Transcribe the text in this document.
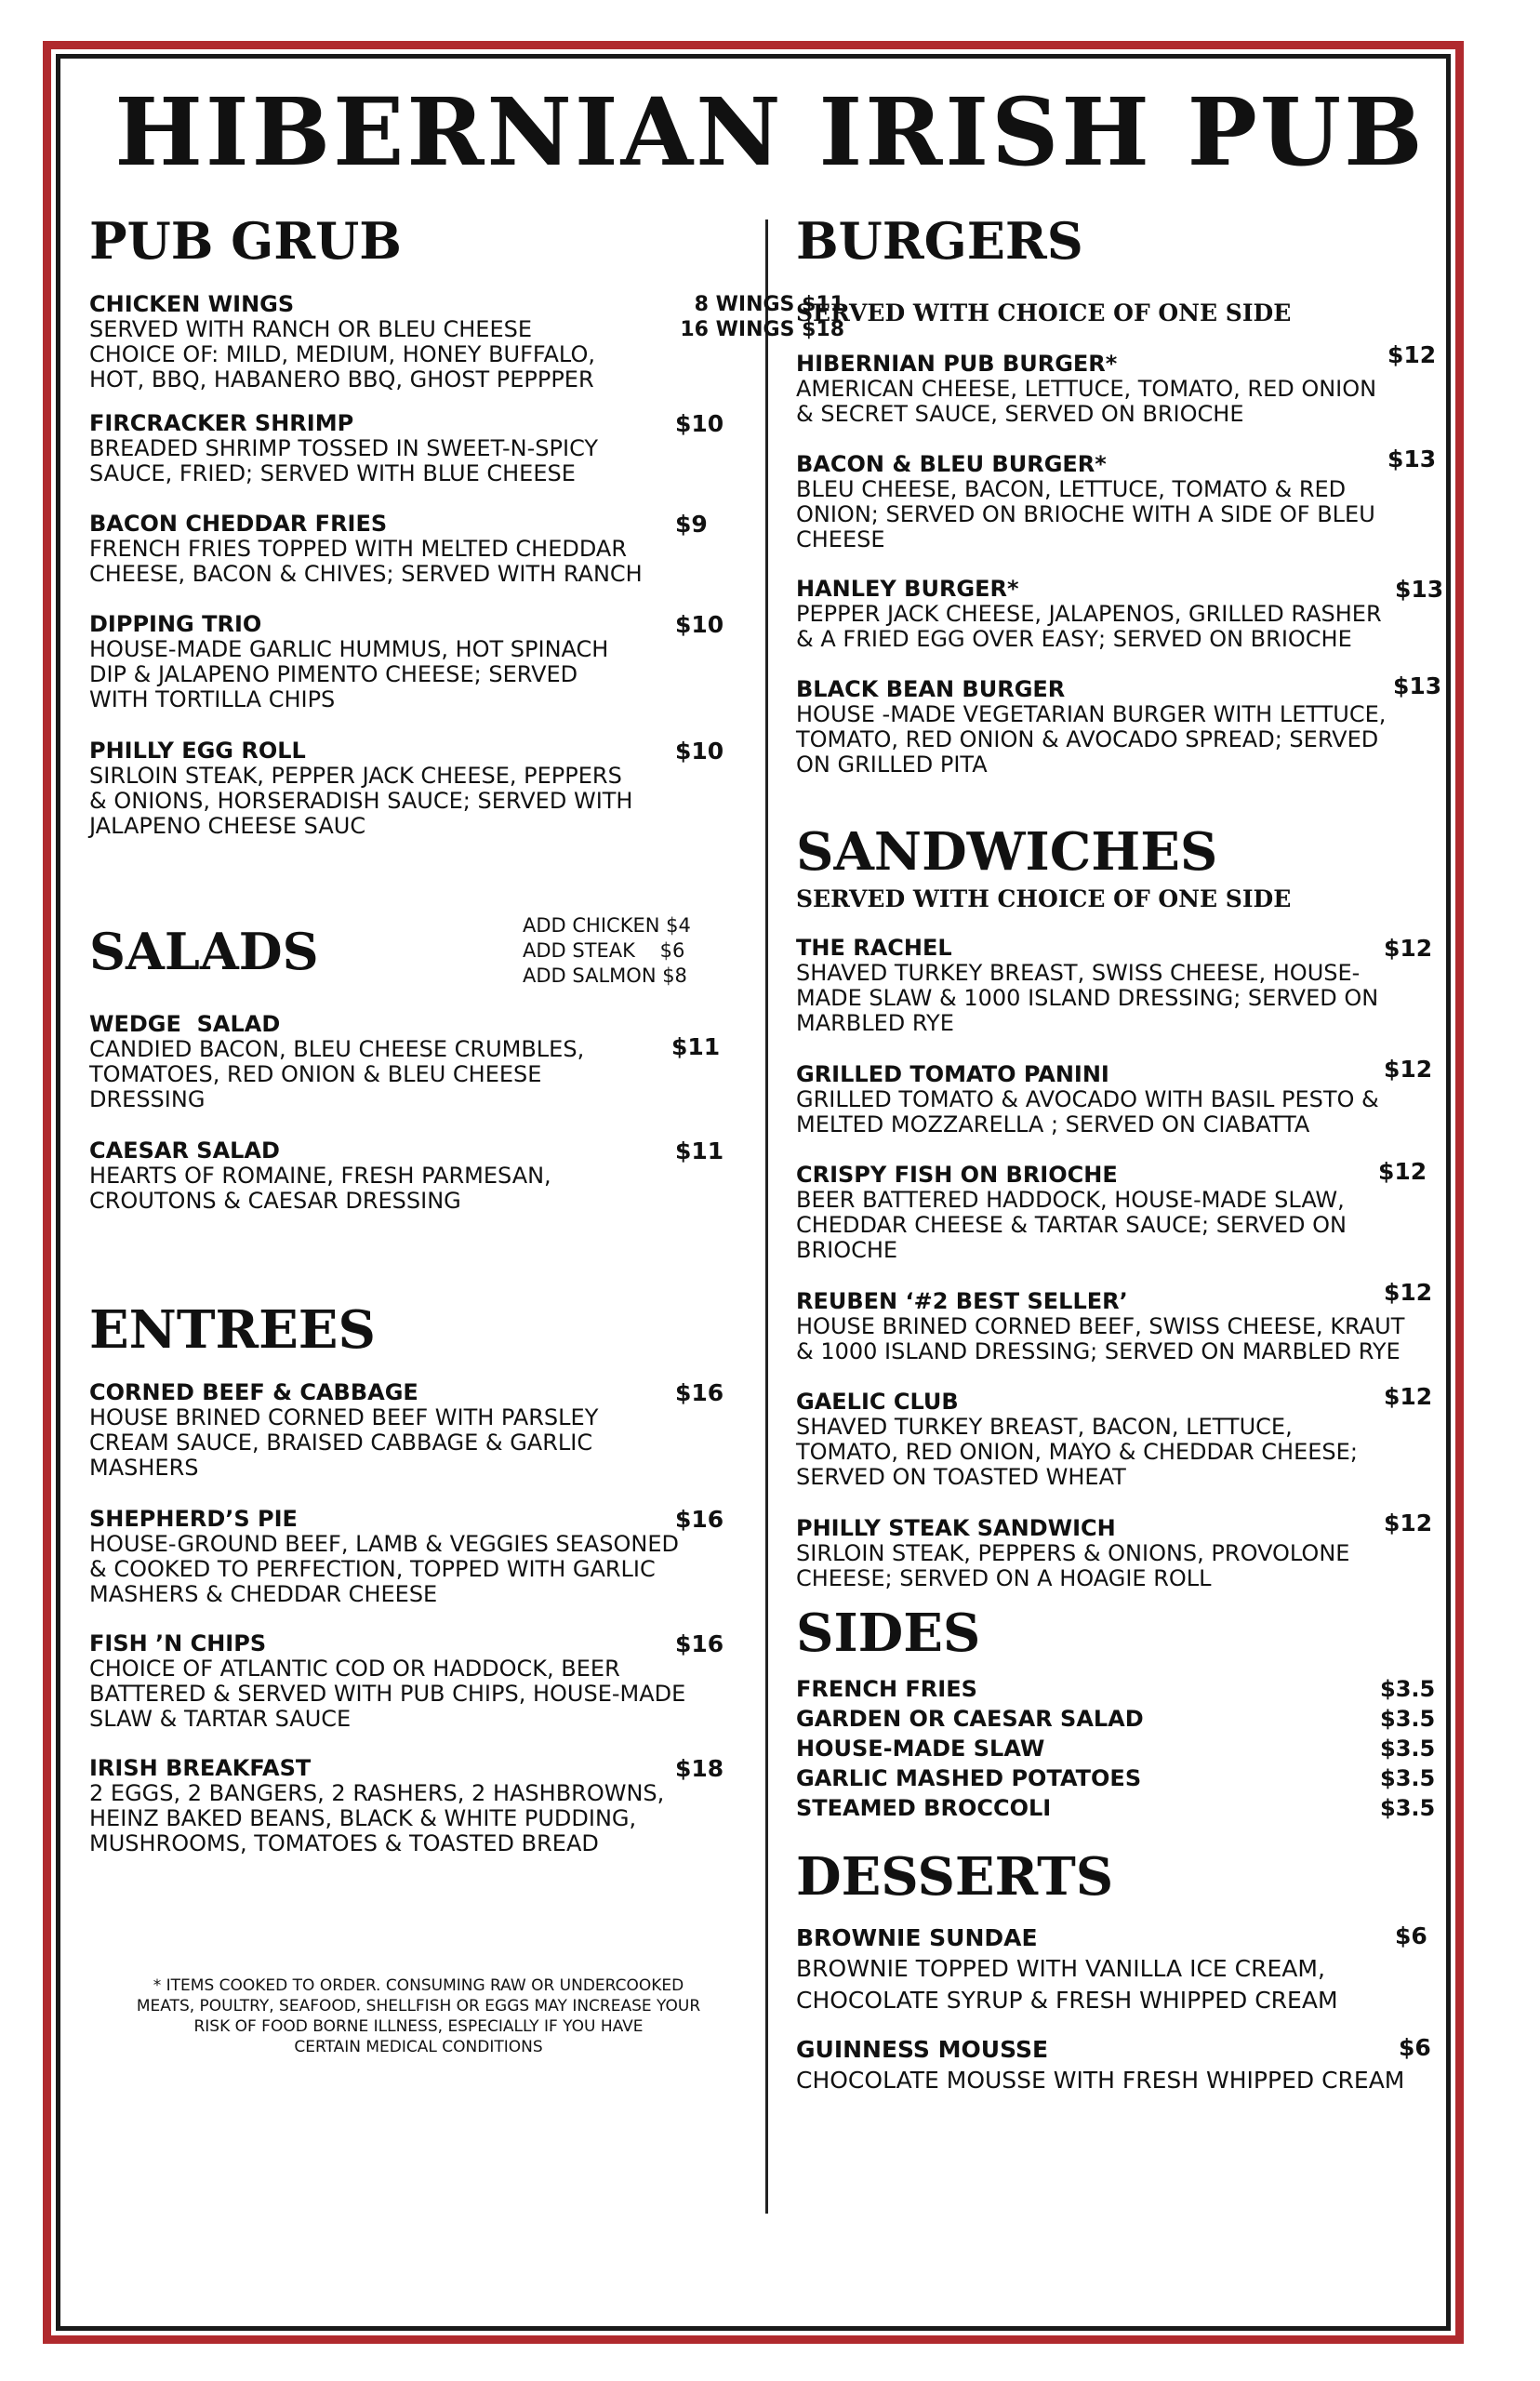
HIBERNIAN IRISH PUB
PUB GRUB
CHICKEN WINGS
SERVED WITH RANCH OR BLEU CHEESE
CHOICE OF: MILD, MEDIUM, HONEY BUFFALO,
HOT, BBQ, HABANERO BBQ, GHOST PEPPPER
8 WINGS $11
16 WINGS $18
FIRCRACKER SHRIMP
BREADED SHRIMP TOSSED IN SWEET-N-SPICY
SAUCE, FRIED; SERVED WITH BLUE CHEESE
$10
BACON CHEDDAR FRIES
FRENCH FRIES TOPPED WITH MELTED CHEDDAR
CHEESE, BACON & CHIVES; SERVED WITH RANCH
$9
DIPPING TRIO
HOUSE-MADE GARLIC HUMMUS, HOT SPINACH
DIP & JALAPENO PIMENTO CHEESE; SERVED
WITH TORTILLA CHIPS
$10
PHILLY EGG ROLL
SIRLOIN STEAK, PEPPER JACK CHEESE, PEPPERS
& ONIONS, HORSERADISH SAUCE; SERVED WITH
JALAPENO CHEESE SAUC
$10
SALADS	ADD CHICKEN $4
ADD STEAK    $6
ADD SALMON $8
WEDGE  SALAD
CANDIED BACON, BLEU CHEESE CRUMBLES,
TOMATOES, RED ONION & BLEU CHEESE
DRESSING
$11
CAESAR SALAD
HEARTS OF ROMAINE, FRESH PARMESAN,
CROUTONS & CAESAR DRESSING
$11
ENTREES
CORNED BEEF & CABBAGE
HOUSE BRINED CORNED BEEF WITH PARSLEY
CREAM SAUCE, BRAISED CABBAGE & GARLIC
MASHERS
$16
SHEPHERD’S PIE
HOUSE-GROUND BEEF, LAMB & VEGGIES SEASONED
& COOKED TO PERFECTION, TOPPED WITH GARLIC
MASHERS & CHEDDAR CHEESE
$16
FISH ’N CHIPS
CHOICE OF ATLANTIC COD OR HADDOCK, BEER
BATTERED & SERVED WITH PUB CHIPS, HOUSE-MADE
SLAW & TARTAR SAUCE
$16
IRISH BREAKFAST
2 EGGS, 2 BANGERS, 2 RASHERS, 2 HASHBROWNS,
HEINZ BAKED BEANS, BLACK & WHITE PUDDING,
MUSHROOMS, TOMATOES & TOASTED BREAD
$18
* ITEMS COOKED TO ORDER. CONSUMING RAW OR UNDERCOOKED
MEATS, POULTRY, SEAFOOD, SHELLFISH OR EGGS MAY INCREASE YOUR
RISK OF FOOD BORNE ILLNESS, ESPECIALLY IF YOU HAVE
CERTAIN MEDICAL CONDITIONS
BURGERS
SERVED WITH CHOICE OF ONE SIDE
HIBERNIAN PUB BURGER*
AMERICAN CHEESE, LETTUCE, TOMATO, RED ONION
& SECRET SAUCE, SERVED ON BRIOCHE
$12
BACON & BLEU BURGER*
BLEU CHEESE, BACON, LETTUCE, TOMATO & RED
ONION; SERVED ON BRIOCHE WITH A SIDE OF BLEU
CHEESE
$13
HANLEY BURGER*
PEPPER JACK CHEESE, JALAPENOS, GRILLED RASHER
& A FRIED EGG OVER EASY; SERVED ON BRIOCHE
$13
BLACK BEAN BURGER
HOUSE -MADE VEGETARIAN BURGER WITH LETTUCE,
TOMATO, RED ONION & AVOCADO SPREAD; SERVED
ON GRILLED PITA
$13
SANDWICHES
SERVED WITH CHOICE OF ONE SIDE
THE RACHEL
SHAVED TURKEY BREAST, SWISS CHEESE, HOUSE-
MADE SLAW & 1000 ISLAND DRESSING; SERVED ON
MARBLED RYE
$12
GRILLED TOMATO PANINI
GRILLED TOMATO & AVOCADO WITH BASIL PESTO &
MELTED MOZZARELLA ; SERVED ON CIABATTA
$12
CRISPY FISH ON BRIOCHE
BEER BATTERED HADDOCK, HOUSE-MADE SLAW,
CHEDDAR CHEESE & TARTAR SAUCE; SERVED ON
BRIOCHE
$12
REUBEN ‘#2 BEST SELLER’
HOUSE BRINED CORNED BEEF, SWISS CHEESE, KRAUT
& 1000 ISLAND DRESSING; SERVED ON MARBLED RYE
$12
GAELIC CLUB
SHAVED TURKEY BREAST, BACON, LETTUCE,
TOMATO, RED ONION, MAYO & CHEDDAR CHEESE;
SERVED ON TOASTED WHEAT
$12
PHILLY STEAK SANDWICH
SIRLOIN STEAK, PEPPERS & ONIONS, PROVOLONE
CHEESE; SERVED ON A HOAGIE ROLL
$12
SIDES
FRENCH FRIES	$3.5
GARDEN OR CAESAR SALAD	$3.5
HOUSE-MADE SLAW	$3.5
GARLIC MASHED POTATOES	$3.5
STEAMED BROCCOLI	$3.5
DESSERTS
BROWNIE SUNDAE
BROWNIE TOPPED WITH VANILLA ICE CREAM,
CHOCOLATE SYRUP & FRESH WHIPPED CREAM
$6
GUINNESS MOUSSE
CHOCOLATE MOUSSE WITH FRESH WHIPPED CREAM
$6
